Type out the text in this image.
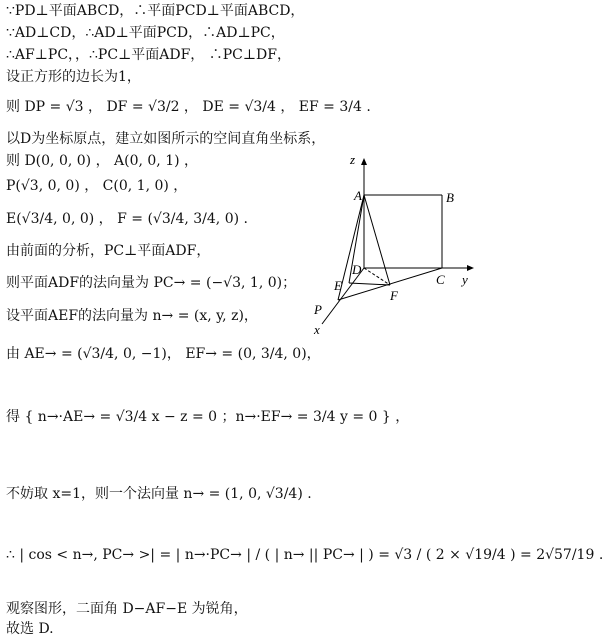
∵PD⊥平面ABCD，∴平面PCD⊥平面ABCD，
∵AD⊥CD，∴AD⊥平面PCD，∴AD⊥PC，
∴AF⊥PC，，∴PC⊥平面ADF， ∴PC⊥DF，
设正方形的边长为1，
则 DP = √3 ， DF = √3/2 ， DE = √3/4 ， EF = 3/4 .
以D为坐标原点，建立如图所示的空间直角坐标系，
则 D(0, 0, 0) ， A(0, 0, 1) ，
P(√3, 0, 0) ， C(0, 1, 0) ，
E(√3/4, 0, 0) ， F = (√3/4, 3/4, 0) .
由前面的分析，PC⊥平面ADF，
则平面ADF的法向量为 PC→ = (−√3, 1, 0)；
设平面AEF的法向量为 n→ = (x, y, z)，
由 AE→ = (√3/4, 0, −1)， EF→ = (0, 3/4, 0)，
得 { n→·AE→ = √3/4 x − z = 0 ；n→·EF→ = 3/4 y = 0 } ，
不妨取 x=1，则一个法向量 n→ = (1, 0, √3/4) .
∴ | cos < n→, PC→ >| = | n→·PC→ | / ( | n→ || PC→ | ) = √3 / ( 2 × √19/4 ) = 2√57/19 .
观察图形，二面角 D−AF−E 为锐角，
故选 D.
z
A	B
D
E
F
C y
P
x
